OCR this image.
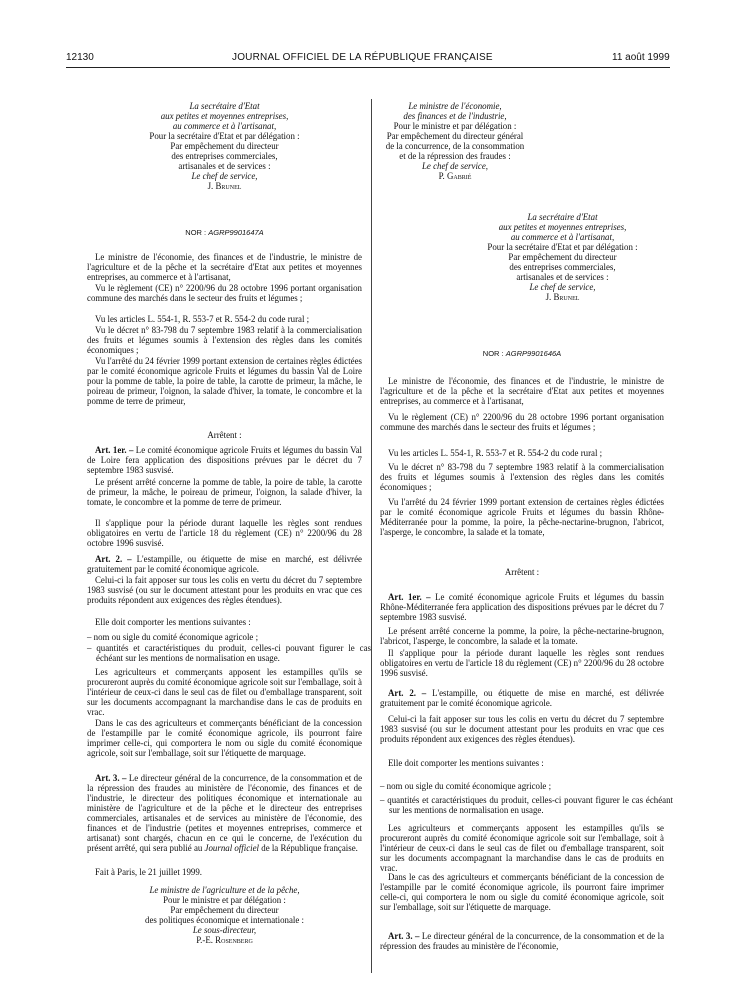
12130	JOURNAL OFFICIEL DE LA RÉPUBLIQUE FRANÇAISE	11 août 1999
La secrétaire d'Etat
aux petites et moyennes entreprises,
au commerce et à l'artisanat,
Pour la secrétaire d'Etat et par délégation :
Par empêchement du directeur
des entreprises commerciales,
artisanales et de services :
Le chef de service,
J. Brunel
NOR : AGRP9901647A

Le ministre de l'économie, des finances et de l'industrie, le ministre de l'agriculture et de la pêche et la secrétaire d'Etat aux petites et moyennes entreprises, au commerce et à l'artisanat,

Vu le règlement (CE) n° 2200/96 du 28 octobre 1996 portant organisation commune des marchés dans le secteur des fruits et légumes ;

Vu les articles L. 554-1, R. 553-7 et R. 554-2 du code rural ;

Vu le décret n° 83-798 du 7 septembre 1983 relatif à la commercialisation des fruits et légumes soumis à l'extension des règles dans les comités économiques ;

Vu l'arrêté du 24 février 1999 portant extension de certaines règles édictées par le comité économique agricole Fruits et légumes du bassin Val de Loire pour la pomme de table, la poire de table, la carotte de primeur, la mâche, le poireau de primeur, l'oignon, la salade d'hiver, la tomate, le concombre et la pomme de terre de primeur,

Arrêtent :

Art. 1er. – Le comité économique agricole Fruits et légumes du bassin Val de Loire fera application des dispositions prévues par le décret du 7 septembre 1983 susvisé.

Le présent arrêté concerne la pomme de table, la poire de table, la carotte de primeur, la mâche, le poireau de primeur, l'oignon, la salade d'hiver, la tomate, le concombre et la pomme de terre de primeur.

Il s'applique pour la période durant laquelle les règles sont rendues obligatoires en vertu de l'article 18 du règlement (CE) n° 2200/96 du 28 octobre 1996 susvisé.

Art. 2. – L'estampille, ou étiquette de mise en marché, est délivrée gratuitement par le comité économique agricole.

Celui-ci la fait apposer sur tous les colis en vertu du décret du 7 septembre 1983 susvisé (ou sur le document attestant pour les produits en vrac que ces produits répondent aux exigences des règles étendues).

Elle doit comporter les mentions suivantes :

– nom ou sigle du comité économique agricole ;

– quantités et caractéristiques du produit, celles-ci pouvant figurer le cas échéant sur les mentions de normalisation en usage.

Les agriculteurs et commerçants apposent les estampilles qu'ils se procureront auprès du comité économique agricole soit sur l'emballage, soit à l'intérieur de ceux-ci dans le seul cas de filet ou d'emballage transparent, soit sur les documents accompagnant la marchandise dans le cas de produits en vrac.

Dans le cas des agriculteurs et commerçants bénéficiant de la concession de l'estampille par le comité économique agricole, ils pourront faire imprimer celle-ci, qui comportera le nom ou sigle du comité économique agricole, soit sur l'emballage, soit sur l'étiquette de marquage.

Art. 3. – Le directeur général de la concurrence, de la consommation et de la répression des fraudes au ministère de l'économie, des finances et de l'industrie, le directeur des politiques économique et internationale au ministère de l'agriculture et de la pêche et le directeur des entreprises commerciales, artisanales et de services au ministère de l'économie, des finances et de l'industrie (petites et moyennes entreprises, commerce et artisanat) sont chargés, chacun en ce qui le concerne, de l'exécution du présent arrêté, qui sera publié au Journal officiel de la République française.

Fait à Paris, le 21 juillet 1999.

Le ministre de l'agriculture et de la pêche,
Pour le ministre et par délégation :
Par empêchement du directeur
des politiques économique et internationale :
Le sous-directeur,
P.-E. Rosenberg
Le ministre de l'économie,
des finances et de l'industrie,
Pour le ministre et par délégation :
Par empêchement du directeur général
de la concurrence, de la consommation
et de la répression des fraudes :
Le chef de service,
P. Gabrié
La secrétaire d'Etat
aux petites et moyennes entreprises,
au commerce et à l'artisanat,
Pour la secrétaire d'Etat et par délégation :
Par empêchement du directeur
des entreprises commerciales,
artisanales et de services :
Le chef de service,
J. Brunel
NOR : AGRP9901646A

Le ministre de l'économie, des finances et de l'industrie, le ministre de l'agriculture et de la pêche et la secrétaire d'Etat aux petites et moyennes entreprises, au commerce et à l'artisanat,

Vu le règlement (CE) n° 2200/96 du 28 octobre 1996 portant organisation commune des marchés dans le secteur des fruits et légumes ;

Vu les articles L. 554-1, R. 553-7 et R. 554-2 du code rural ;

Vu le décret n° 83-798 du 7 septembre 1983 relatif à la commercialisation des fruits et légumes soumis à l'extension des règles dans les comités économiques ;

Vu l'arrêté du 24 février 1999 portant extension de certaines règles édictées par le comité économique agricole Fruits et légumes du bassin Rhône-Méditerranée pour la pomme, la poire, la pêche-nectarine-brugnon, l'abricot, l'asperge, le concombre, la salade et la tomate,

Arrêtent :

Art. 1er. – Le comité économique agricole Fruits et légumes du bassin Rhône-Méditerranée fera application des dispositions prévues par le décret du 7 septembre 1983 susvisé.

Le présent arrêté concerne la pomme, la poire, la pêche-nectarine-brugnon, l'abricot, l'asperge, le concombre, la salade et la tomate.

Il s'applique pour la période durant laquelle les règles sont rendues obligatoires en vertu de l'article 18 du règlement (CE) n° 2200/96 du 28 octobre 1996 susvisé.

Art. 2. – L'estampille, ou étiquette de mise en marché, est délivrée gratuitement par le comité économique agricole.

Celui-ci la fait apposer sur tous les colis en vertu du décret du 7 septembre 1983 susvisé (ou sur le document attestant pour les produits en vrac que ces produits répondent aux exigences des règles étendues).

Elle doit comporter les mentions suivantes :

– nom ou sigle du comité économique agricole ;

– quantités et caractéristiques du produit, celles-ci pouvant figurer le cas échéant sur les mentions de normalisation en usage.

Les agriculteurs et commerçants apposent les estampilles qu'ils se procureront auprès du comité économique agricole soit sur l'emballage, soit à l'intérieur de ceux-ci dans le seul cas de filet ou d'emballage transparent, soit sur les documents accompagnant la marchandise dans le cas de produits en vrac.

Dans le cas des agriculteurs et commerçants bénéficiant de la concession de l'estampille par le comité économique agricole, ils pourront faire imprimer celle-ci, qui comportera le nom ou sigle du comité économique agricole, soit sur l'emballage, soit sur l'étiquette de marquage.

Art. 3. – Le directeur général de la concurrence, de la consommation et de la répression des fraudes au ministère de l'économie,
